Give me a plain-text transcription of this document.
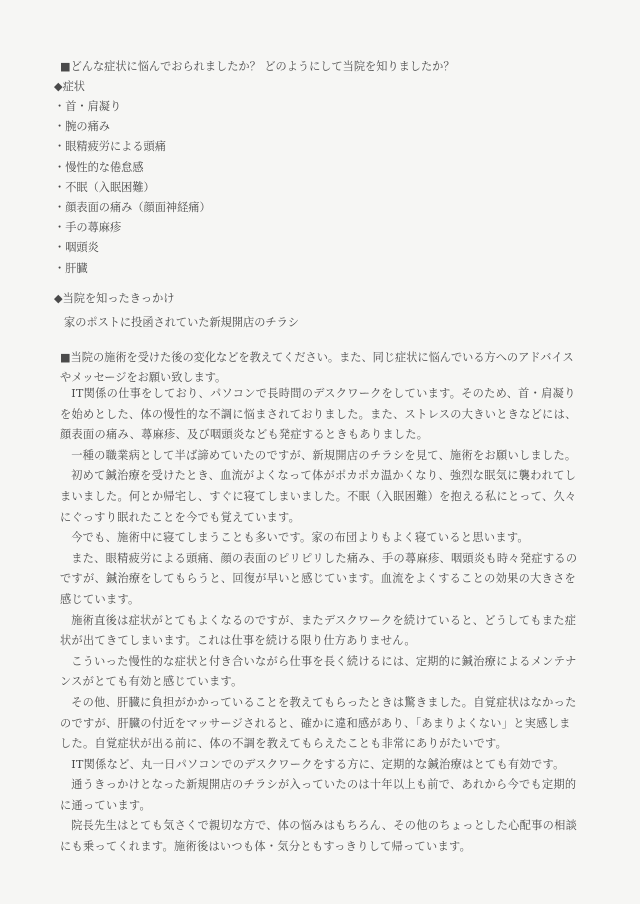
■どんな症状に悩んでおられましたか？ どのようにして当院を知りましたか？
◆症状
・首・肩凝り
・腕の痛み
・眼精疲労による頭痛
・慢性的な倦怠感
・不眠（入眠困難）
・顔表面の痛み（顔面神経痛）
・手の蕁麻疹
・咽頭炎
・肝臓
◆当院を知ったきっかけ
家のポストに投函されていた新規開店のチラシ
■当院の施術を受けた後の変化などを教えてください。また、同じ症状に悩んでいる方へのアドバイス
やメッセージをお願い致します。

IT関係の仕事をしており、パソコンで長時間のデスクワークをしています。そのため、首・肩凝りを始めとした、体の慢性的な不調に悩まされておりました。また、ストレスの大きいときなどには、顔表面の痛み、蕁麻疹、及び咽頭炎なども発症するときもありました。

一種の職業病として半ば諦めていたのですが、新規開店のチラシを見て、施術をお願いしました。

初めて鍼治療を受けたとき、血流がよくなって体がポカポカ温かくなり、強烈な眠気に襲われてしまいました。何とか帰宅し、すぐに寝てしまいました。不眠（入眠困難）を抱える私にとって、久々にぐっすり眠れたことを今でも覚えています。

今でも、施術中に寝てしまうことも多いです。家の布団よりもよく寝ていると思います。

また、眼精疲労による頭痛、顔の表面のピリピリした痛み、手の蕁麻疹、咽頭炎も時々発症するのですが、鍼治療をしてもらうと、回復が早いと感じています。血流をよくすることの効果の大きさを感じています。

施術直後は症状がとてもよくなるのですが、またデスクワークを続けていると、どうしてもまた症状が出てきてしまいます。これは仕事を続ける限り仕方ありません。

こういった慢性的な症状と付き合いながら仕事を長く続けるには、定期的に鍼治療によるメンテナンスがとても有効と感じています。

その他、肝臓に負担がかかっていることを教えてもらったときは驚きました。自覚症状はなかったのですが、肝臓の付近をマッサージされると、確かに違和感があり、「あまりよくない」と実感しました。自覚症状が出る前に、体の不調を教えてもらえたことも非常にありがたいです。

IT関係など、丸一日パソコンでのデスクワークをする方に、定期的な鍼治療はとても有効です。

通うきっかけとなった新規開店のチラシが入っていたのは十年以上も前で、あれから今でも定期的に通っています。

院長先生はとても気さくで親切な方で、体の悩みはもちろん、その他のちょっとした心配事の相談にも乗ってくれます。施術後はいつも体・気分ともすっきりして帰っています。
